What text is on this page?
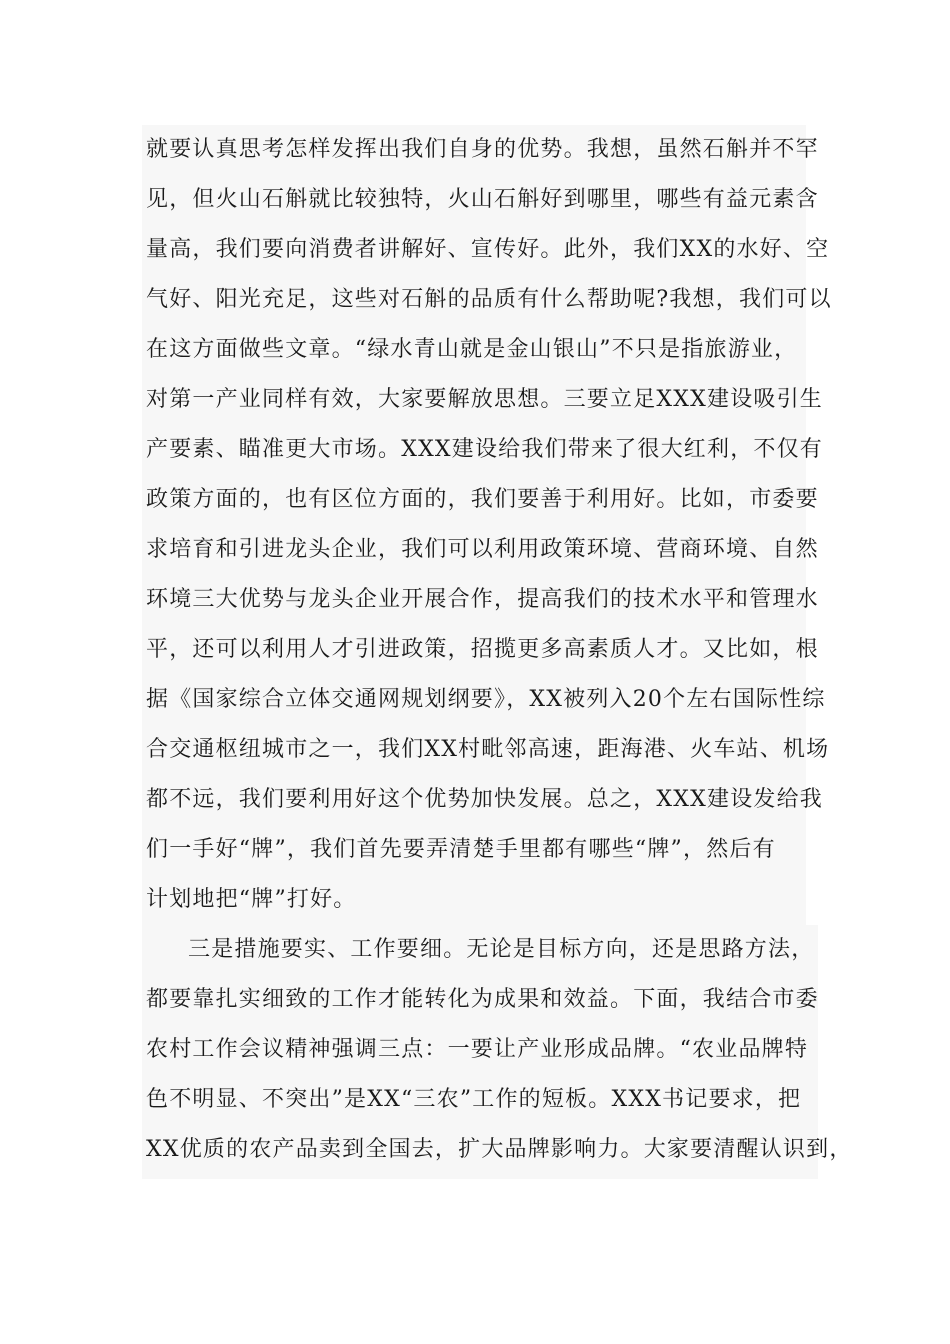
就要认真思考怎样发挥出我们自身的优势。我想，虽然石斛并不罕
见，但火山石斛就比较独特，火山石斛好到哪里，哪些有益元素含
量高，我们要向消费者讲解好、宣传好。此外，我们XX的水好、空
气好、阳光充足，这些对石斛的品质有什么帮助呢?我想，我们可以
在这方面做些文章。“绿水青山就是金山银山”不只是指旅游业，
对第一产业同样有效，大家要解放思想。三要立足XXX建设吸引生
产要素、瞄准更大市场。XXX建设给我们带来了很大红利，不仅有
政策方面的，也有区位方面的，我们要善于利用好。比如，市委要
求培育和引进龙头企业，我们可以利用政策环境、营商环境、自然
环境三大优势与龙头企业开展合作，提高我们的技术水平和管理水
平，还可以利用人才引进政策，招揽更多高素质人才。又比如，根
据《国家综合立体交通网规划纲要》，XX被列入20个左右国际性综
合交通枢纽城市之一，我们XX村毗邻高速，距海港、火车站、机场
都不远，我们要利用好这个优势加快发展。总之，XXX建设发给我
们一手好“牌”，我们首先要弄清楚手里都有哪些“牌”，然后有
计划地把“牌”打好。
三是措施要实、工作要细。无论是目标方向，还是思路方法，
都要靠扎实细致的工作才能转化为成果和效益。下面，我结合市委
农村工作会议精神强调三点：一要让产业形成品牌。“农业品牌特
色不明显、不突出”是XX“三农”工作的短板。XXX书记要求，把
XX优质的农产品卖到全国去，扩大品牌影响力。大家要清醒认识到，
